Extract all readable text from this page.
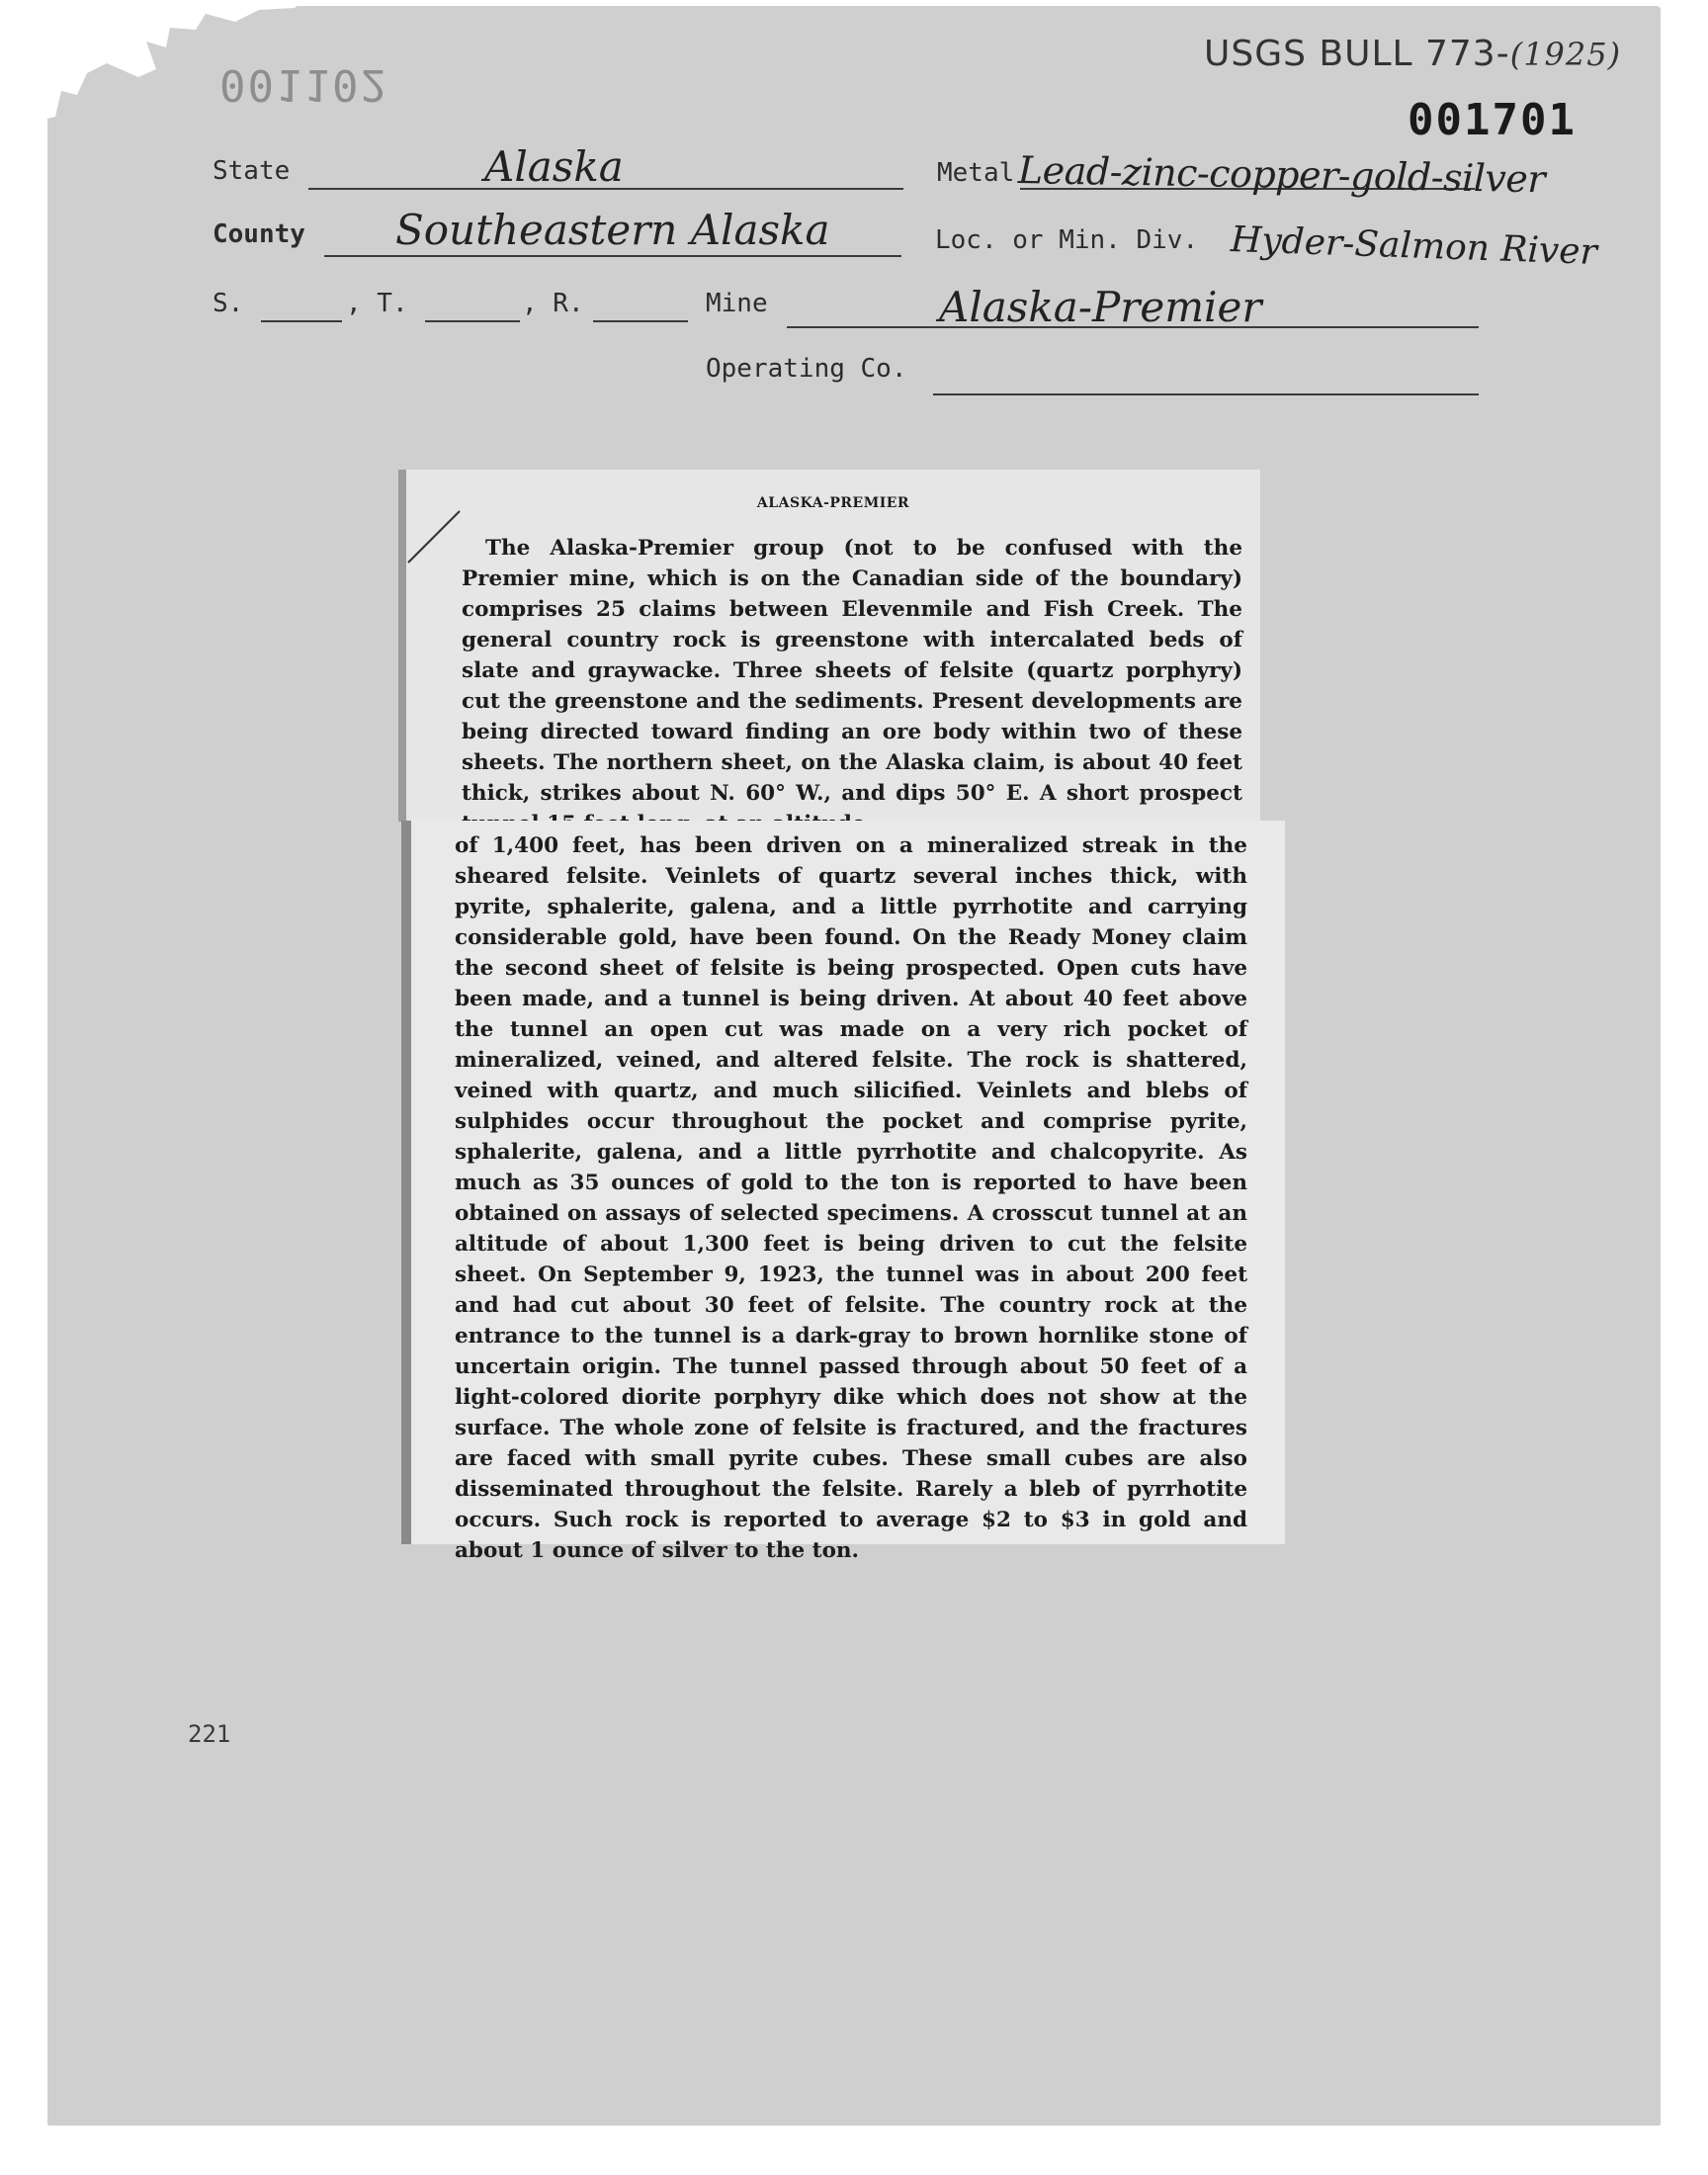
001102
USGS BULL 773-(1925)
001701
State	Alaska	Metal Lead-zinc-copper-gold-silver
County Southeastern Alaska	Loc. or Min. Div. Hyder-Salmon River
S.	, T.	, R.	Mine	Alaska-Premier
Operating Co.
ALASKA-PREMIER

The Alaska-Premier group (not to be confused with the Premier mine, which is on the Canadian side of the boundary) comprises 25 claims between Elevenmile and Fish Creek. The general country rock is greenstone with intercalated beds of slate and graywacke. Three sheets of felsite (quartz porphyry) cut the greenstone and the sediments. Present developments are being directed toward finding an ore body within two of these sheets. The northern sheet, on the Alaska claim, is about 40 feet thick, strikes about N. 60° W., and dips 50° E. A short prospect

of 1,400 feet, has been driven on a mineralized streak in the sheared felsite. Veinlets of quartz several inches thick, with pyrite, sphalerite, galena, and a little pyrrhotite and carrying considerable gold, have been found. On the Ready Money claim the second sheet of felsite is being prospected. Open cuts have been made, and a tunnel is being driven. At about 40 feet above the tunnel an open cut was made on a very rich pocket of mineralized, veined, and altered felsite. The rock is shattered, veined with quartz, and much silicified. Veinlets and blebs of sulphides occur throughout the pocket and comprise pyrite, sphalerite, galena, and a little pyrrhotite and chalcopyrite. As much as 35 ounces of gold to the ton is reported to have been obtained on assays of selected specimens. A crosscut tunnel at an altitude of about 1,300 feet is being driven to cut the felsite sheet. On September 9, 1923, the tunnel was in about 200 feet and had cut about 30 feet of felsite. The country rock at the entrance to the tunnel is a dark-gray to brown hornlike stone of uncertain origin. The tunnel passed through about 50 feet of a light-colored diorite porphyry dike which does not show at the surface. The whole zone of felsite is fractured, and the fractures are faced with small pyrite cubes. These small cubes are also disseminated throughout the felsite. Rarely a bleb of pyrrhotite occurs. Such rock is reported to average $2 to $3 in gold and about 1 ounce of silver to the ton.

221
